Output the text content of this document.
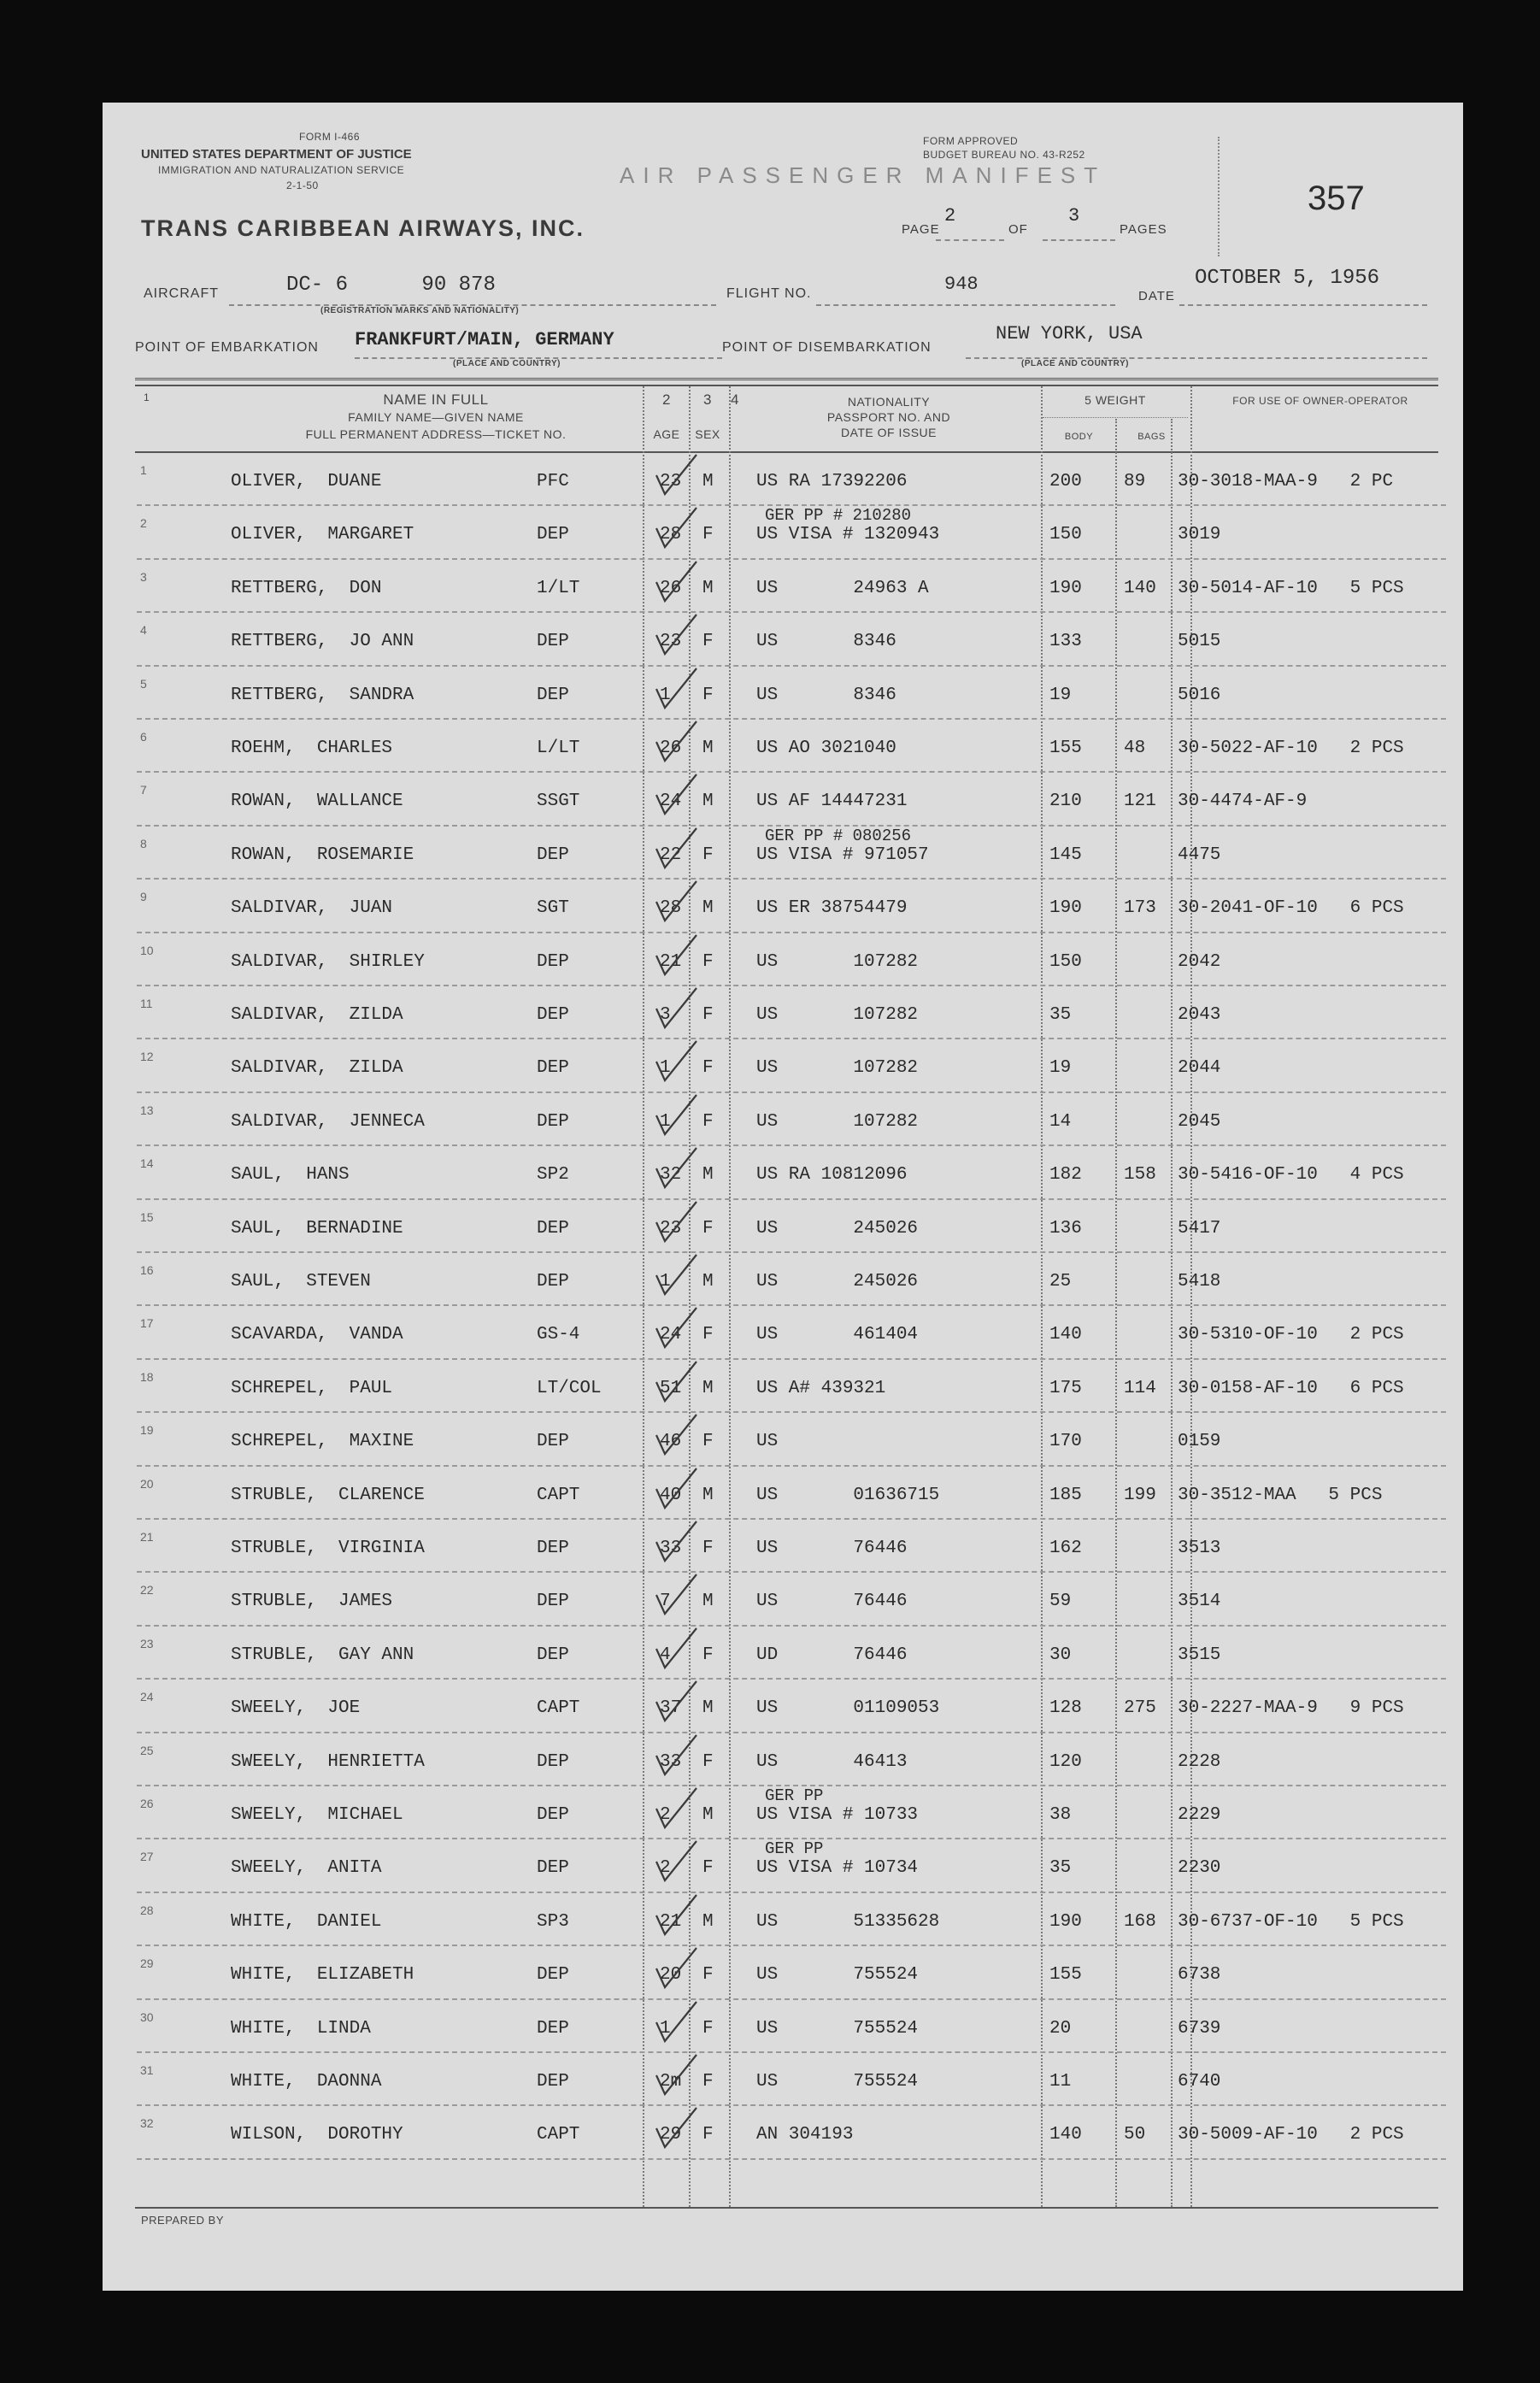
FORM I-466
UNITED STATES DEPARTMENT OF JUSTICE
IMMIGRATION AND NATURALIZATION SERVICE
2-1-50	AIR PASSENGER MANIFEST
FORM APPROVED
BUDGET BUREAU NO. 43-R252
TRANS CARIBBEAN AIRWAYS, INC.	PAGE
2
OF
3
PAGES
357
AIRCRAFT	DC- 6      90 878
(REGISTRATION MARKS AND NATIONALITY)
FLIGHT NO.	948
DATE
OCTOBER 5, 1956
POINT OF EMBARKATION FRANKFURT/MAIN, GERMANY
(PLACE AND COUNTRY)
POINT OF DISEMBARKATION
NEW YORK, USA
(PLACE AND COUNTRY)
1	NAME IN FULL
FAMILY NAME—GIVEN NAME
FULL PERMANENT ADDRESS—TICKET NO.
2
AGE
3
SEX
4	NATIONALITY
PASSPORT NO. AND
DATE OF ISSUE
5 WEIGHT
BODY	BAGS
FOR USE OF OWNER-OPERATOR
1
OLIVER,  DUANE	PFC	23 M US RA 17392206	200 89 30-3018-MAA-9   2 PC
2
OLIVER,  MARGARET	DEP	28 F US VISA # 1320943	150	3019
GER PP # 210280
3
RETTBERG,  DON	1/LT	26 M US       24963 A	190 140 30-5014-AF-10   5 PCS
4
RETTBERG,  JO ANN	DEP	23 F US       8346	133	5015
5
RETTBERG,  SANDRA	DEP	1 F US       8346	19	5016
6
ROEHM,  CHARLES	L/LT	26 M US AO 3021040	155 48 30-5022-AF-10   2 PCS
7
ROWAN,  WALLANCE	SSGT	24 M US AF 14447231	210 121 30-4474-AF-9
8
ROWAN,  ROSEMARIE	DEP	22 F US VISA # 971057	145	4475
GER PP # 080256
9
SALDIVAR,  JUAN	SGT	28 M US ER 38754479	190 173 30-2041-OF-10   6 PCS
10
SALDIVAR,  SHIRLEY	DEP	21 F US       107282	150	2042
11
SALDIVAR,  ZILDA	DEP	3 F US       107282	35	2043
12
SALDIVAR,  ZILDA	DEP	1 F US       107282	19	2044
13
SALDIVAR,  JENNECA	DEP	1 F US       107282	14	2045
14
SAUL,  HANS	SP2	32 M US RA 10812096	182 158 30-5416-OF-10   4 PCS
15
SAUL,  BERNADINE	DEP	23 F US       245026	136	5417
16
SAUL,  STEVEN	DEP	1 M US       245026	25	5418
17
SCAVARDA,  VANDA	GS-4	24 F US       461404	140	30-5310-OF-10   2 PCS
18
SCHREPEL,  PAUL	LT/COL	51 M US A# 439321	175 114 30-0158-AF-10   6 PCS
19
SCHREPEL,  MAXINE	DEP	46 F US	170	0159
20
STRUBLE,  CLARENCE	CAPT	40 M US       01636715	185 199 30-3512-MAA   5 PCS
21
STRUBLE,  VIRGINIA	DEP	33 F US       76446	162	3513
22
STRUBLE,  JAMES	DEP	7 M US       76446	59	3514
23
STRUBLE,  GAY ANN	DEP	4 F UD       76446	30	3515
24
SWEELY,  JOE	CAPT	37 M US       01109053	128 275 30-2227-MAA-9   9 PCS
25
SWEELY,  HENRIETTA	DEP	33 F US       46413	120	2228
26
SWEELY,  MICHAEL	DEP	2 M US VISA # 10733	38	2229
GER PP
27
SWEELY,  ANITA	DEP	2 F US VISA # 10734	35	2230
GER PP
28
WHITE,  DANIEL	SP3	21 M US       51335628	190 168 30-6737-OF-10   5 PCS
29
WHITE,  ELIZABETH	DEP	20 F US       755524	155	6738
30
WHITE,  LINDA	DEP	1 F US       755524	20	6739
31
WHITE,  DAONNA	DEP	2m F US       755524	11	6740
32
WILSON,  DOROTHY	CAPT	29 F AN 304193	140 50 30-5009-AF-10   2 PCS
PREPARED BY
